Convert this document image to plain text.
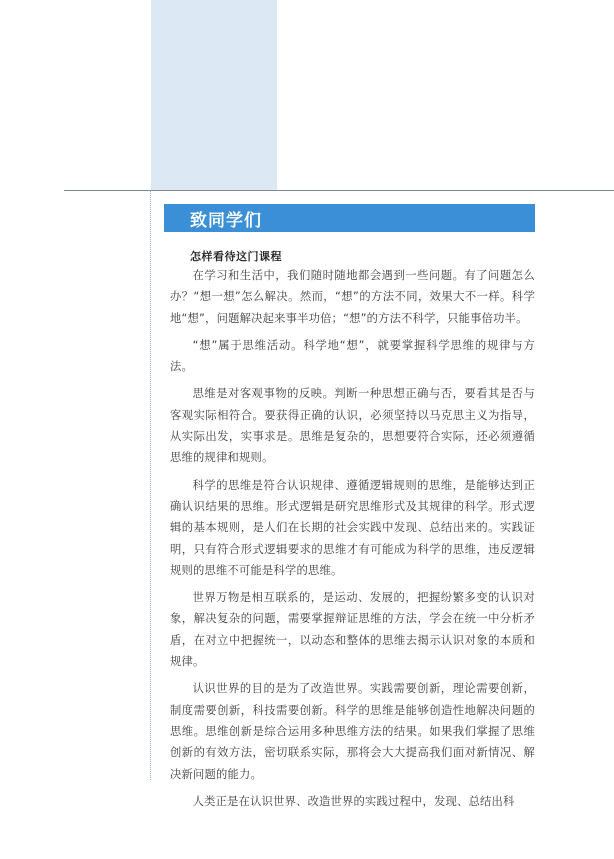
致同学们
怎样看待这门课程

在学习和生活中，我们随时随地都会遇到一些问题。有了问题怎么办？“想一想”怎么解决。然而，“想”的方法不同，效果大不一样。科学地“想”，问题解决起来事半功倍；“想”的方法不科学，只能事倍功半。

“想”属于思维活动。科学地“想”，就要掌握科学思维的规律与方法。

思维是对客观事物的反映。判断一种思想正确与否，要看其是否与客观实际相符合。要获得正确的认识，必须坚持以马克思主义为指导，从实际出发，实事求是。思维是复杂的，思想要符合实际，还必须遵循思维的规律和规则。

科学的思维是符合认识规律、遵循逻辑规则的思维，是能够达到正确认识结果的思维。形式逻辑是研究思维形式及其规律的科学。形式逻辑的基本规则，是人们在长期的社会实践中发现、总结出来的。实践证明，只有符合形式逻辑要求的思维才有可能成为科学的思维，违反逻辑规则的思维不可能是科学的思维。

世界万物是相互联系的，是运动、发展的，把握纷繁多变的认识对象，解决复杂的问题，需要掌握辩证思维的方法，学会在统一中分析矛盾，在对立中把握统一，以动态和整体的思维去揭示认识对象的本质和规律。

认识世界的目的是为了改造世界。实践需要创新，理论需要创新，制度需要创新，科技需要创新。科学的思维是能够创造性地解决问题的思维。思维创新是综合运用多种思维方法的结果。如果我们掌握了思维创新的有效方法，密切联系实际，那将会大大提高我们面对新情况、解决新问题的能力。

人类正是在认识世界、改造世界的实践过程中，发现、总结出科
